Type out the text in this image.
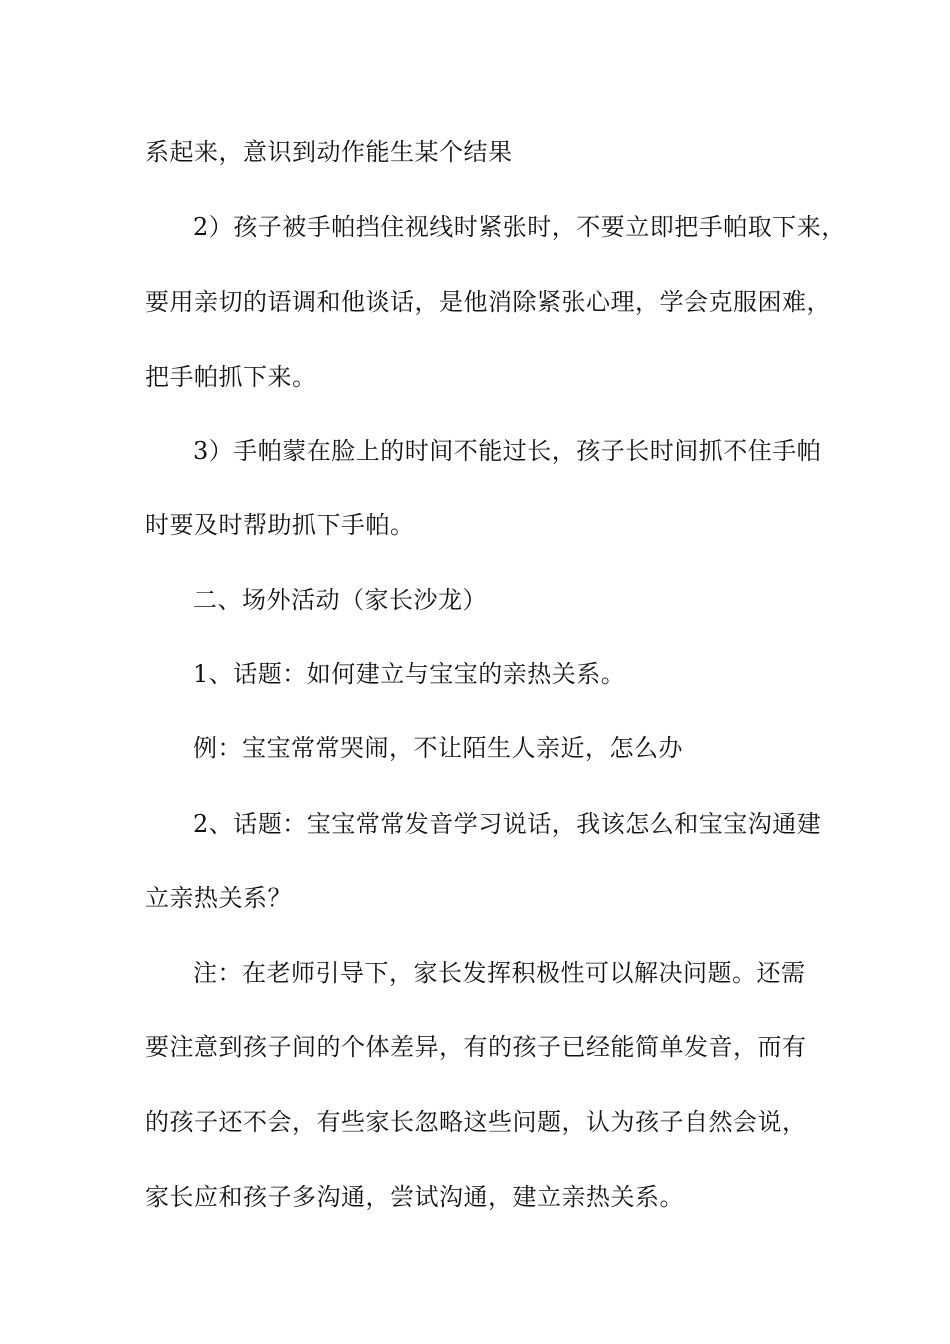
系起来，意识到动作能生某个结果
2）孩子被手帕挡住视线时紧张时，不要立即把手帕取下来，
要用亲切的语调和他谈话，是他消除紧张心理，学会克服困难，
把手帕抓下来。
3）手帕蒙在脸上的时间不能过长，孩子长时间抓不住手帕
时要及时帮助抓下手帕。
二、场外活动（家长沙龙）
1、话题：如何建立与宝宝的亲热关系。
例：宝宝常常哭闹，不让陌生人亲近，怎么办
2、话题：宝宝常常发音学习说话，我该怎么和宝宝沟通建
立亲热关系？
注：在老师引导下，家长发挥积极性可以解决问题。还需
要注意到孩子间的个体差异，有的孩子已经能简单发音，而有
的孩子还不会，有些家长忽略这些问题，认为孩子自然会说，
家长应和孩子多沟通，尝试沟通，建立亲热关系。
